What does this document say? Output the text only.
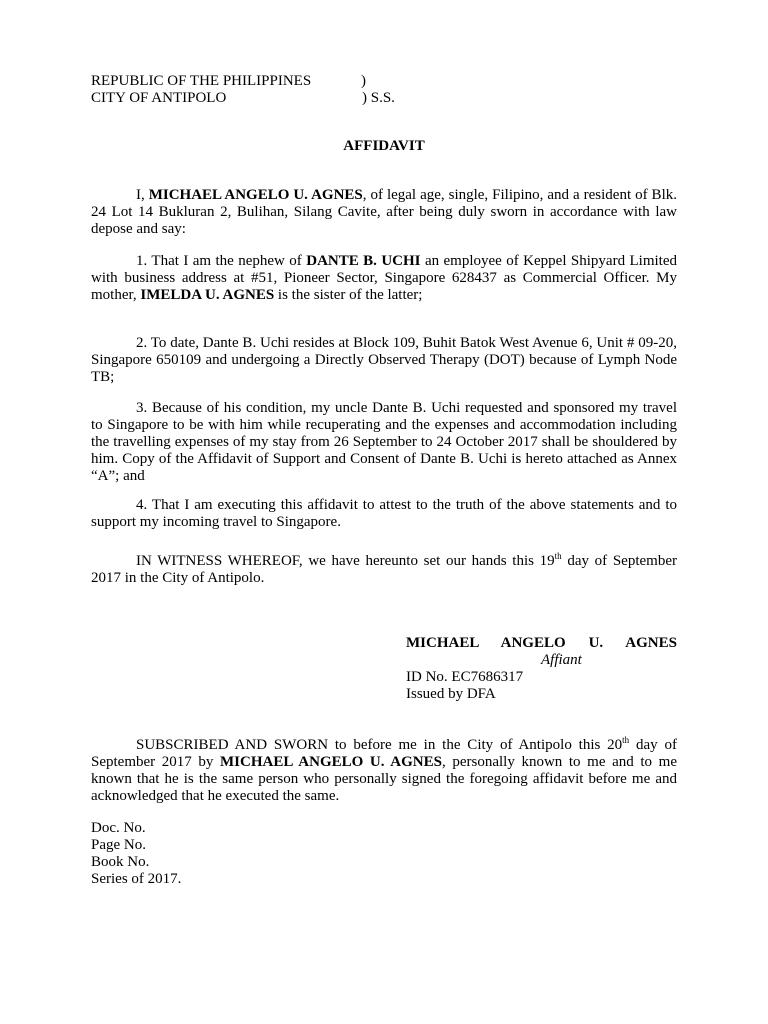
REPUBLIC OF THE PHILIPPINES	)
CITY OF ANTIPOLO	) S.S.
AFFIDAVIT
I, MICHAEL ANGELO U. AGNES, of legal age, single, Filipino, and a resident of Blk. 24 Lot 14 Bukluran 2, Bulihan, Silang Cavite, after being duly sworn in accordance with law depose and say:
1. That I am the nephew of DANTE B. UCHI an employee of Keppel Shipyard Limited with business address at #51, Pioneer Sector, Singapore 628437 as Commercial Officer. My mother, IMELDA U. AGNES is the sister of the latter;
2. To date, Dante B. Uchi resides at Block 109, Buhit Batok West Avenue 6, Unit # 09-20, Singapore 650109 and undergoing a Directly Observed Therapy (DOT) because of Lymph Node TB;
3. Because of his condition, my uncle Dante B. Uchi requested and sponsored my travel to Singapore to be with him while recuperating and the expenses and accommodation including the travelling expenses of my stay from 26 September to 24 October 2017 shall be shouldered by him. Copy of the Affidavit of Support and Consent of Dante B. Uchi is hereto attached as Annex “A”; and
4. That I am executing this affidavit to attest to the truth of the above statements and to support my incoming travel to Singapore.
IN WITNESS WHEREOF, we have hereunto set our hands this 19th day of September 2017 in the City of Antipolo.
MICHAEL ANGELO U. AGNES
Affiant
ID No. EC7686317
Issued by DFA
SUBSCRIBED AND SWORN to before me in the City of Antipolo this 20th day of September 2017 by MICHAEL ANGELO U. AGNES, personally known to me and to me known that he is the same person who personally signed the foregoing affidavit before me and acknowledged that he executed the same.
Doc. No.
Page No.
Book No.
Series of 2017.
